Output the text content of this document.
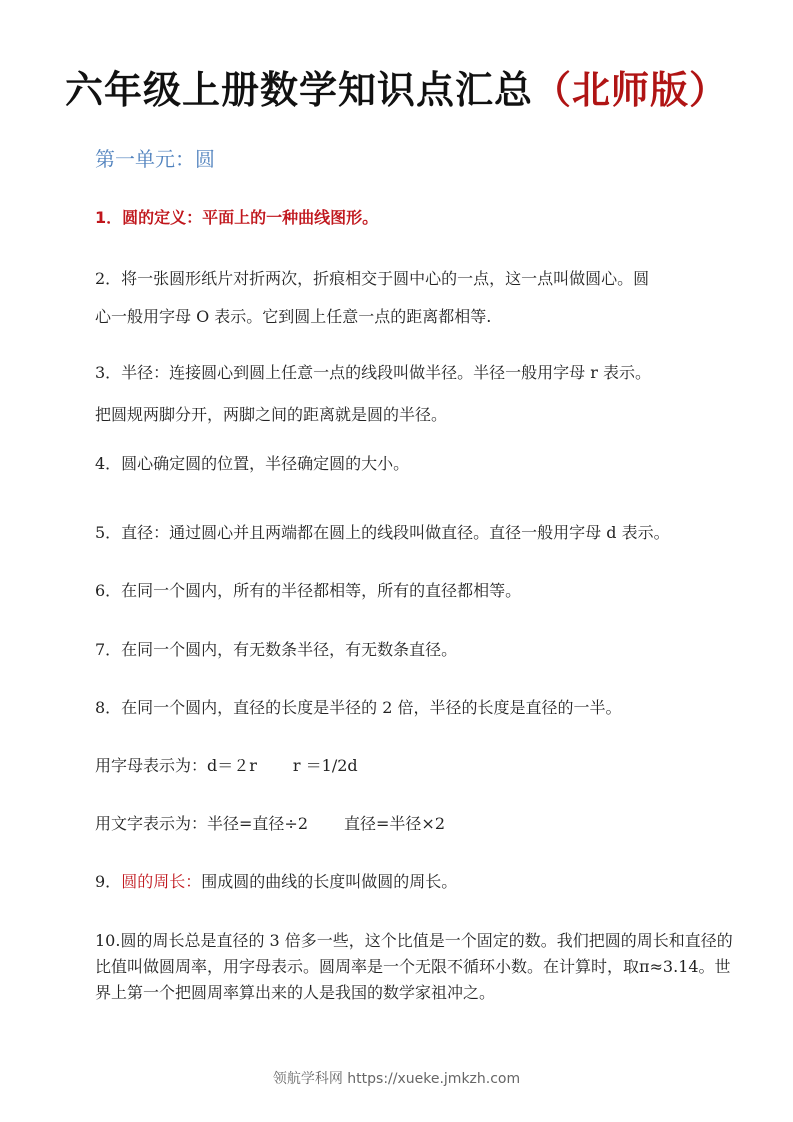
六年级上册数学知识点汇总（北师版）
第一单元：圆
1．圆的定义：平面上的一种曲线图形。
2．将一张圆形纸片对折两次，折痕相交于圆中心的一点，这一点叫做圆心。圆
心一般用字母 O 表示。它到圆上任意一点的距离都相等.
3．半径：连接圆心到圆上任意一点的线段叫做半径。半径一般用字母 r 表示。
把圆规两脚分开，两脚之间的距离就是圆的半径。
4．圆心确定圆的位置，半径确定圆的大小。
5．直径：通过圆心并且两端都在圆上的线段叫做直径。直径一般用字母 d 表示。
6．在同一个圆内，所有的半径都相等，所有的直径都相等。
7．在同一个圆内，有无数条半径，有无数条直径。
8．在同一个圆内，直径的长度是半径的 2 倍，半径的长度是直径的一半。
用字母表示为：d＝２r r ＝1/2d
用文字表示为：半径=直径÷2 直径=半径×2
9．圆的周长：围成圆的曲线的长度叫做圆的周长。
10.圆的周长总是直径的 3 倍多一些，这个比值是一个固定的数。我们把圆的周长和直径的比值叫做圆周率，用字母表示。圆周率是一个无限不循环小数。在计算时，取π≈3.14。世界上第一个把圆周率算出来的人是我国的数学家祖冲之。
领航学科网 https://xueke.jmkzh.com
